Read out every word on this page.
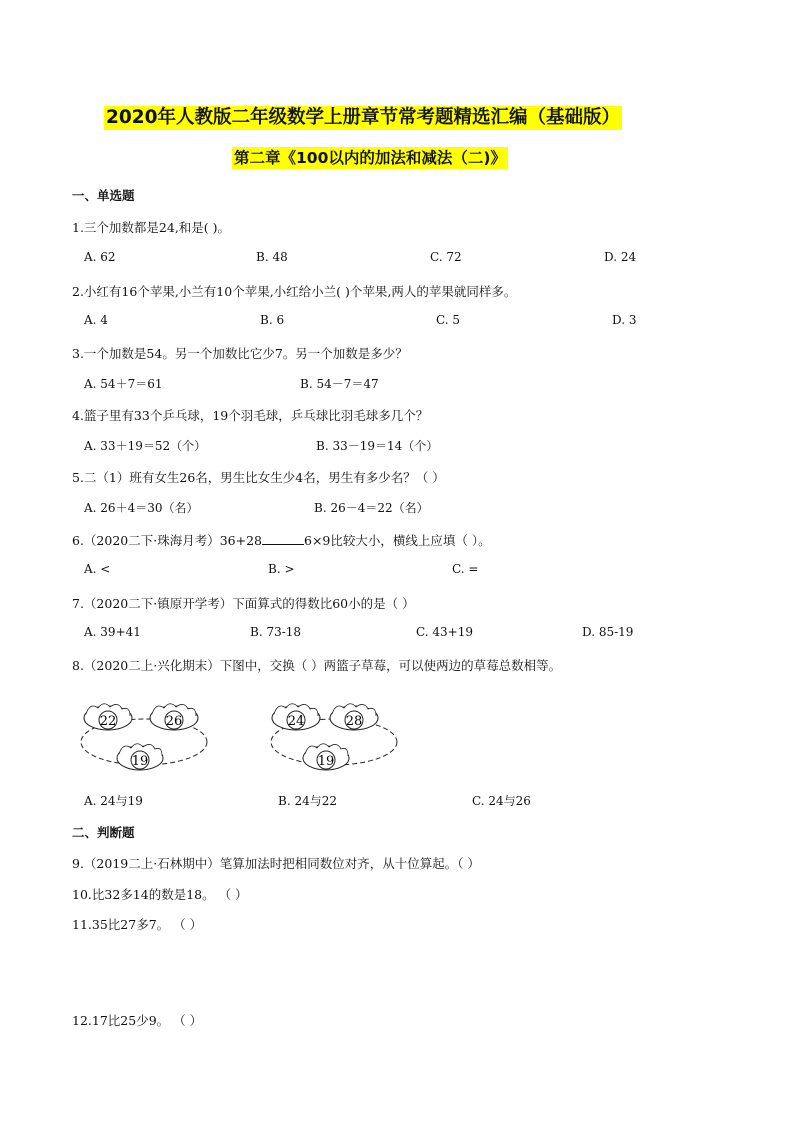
2020年人教版二年级数学上册章节常考题精选汇编（基础版）
第二章《100以内的加法和减法（二)》
一、单选题
1.三个加数都是24,和是( )。
A. 62	B. 48	C. 72	D. 24
2.小红有16个苹果,小兰有10个苹果,小红给小兰( )个苹果,两人的苹果就同样多。
A. 4	B. 6	C. 5	D. 3
3.一个加数是54。另一个加数比它少7。另一个加数是多少？
A. 54＋7＝61	B. 54－7＝47
4.篮子里有33个乒乓球，19个羽毛球，乒乓球比羽毛球多几个？
A. 33＋19＝52（个）	B. 33－19＝14（个）
5.二（1）班有女生26名，男生比女生少4名，男生有多少名？（ ）
A. 26＋4＝30（名）	B. 26－4＝22（名）
6.（2020二下·珠海月考）36+28	6×9比较大小，横线上应填（ ）。
A. <	B. >	C. =
7.（2020二下·镇原开学考）下面算式的得数比60小的是（ ）
A. 39+41	B. 73-18	C. 43+19	D. 85-19
8.（2020二上·兴化期末）下图中，交换（ ）两篮子草莓，可以使两边的草莓总数相等。
22	26
19
24	28
19
A. 24与19	B. 24与22	C. 24与26
二、判断题
9.（2019二上·石林期中）笔算加法时把相同数位对齐，从十位算起。（ ）
10.比32多14的数是18。 （ ）
11.35比27多7。 （ ）
12.17比25少9。 （ ）
